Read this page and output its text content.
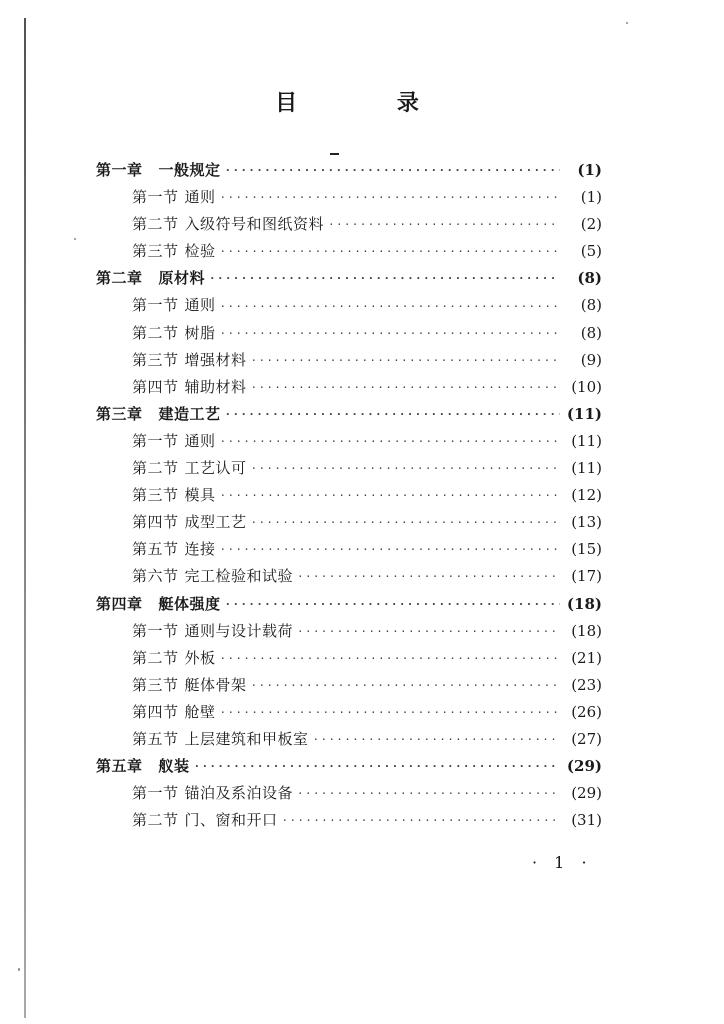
目 录
第一章 一般规定 ·····	(1)
第一节 通则 ·····	(1)
第二节 入级符号和图纸资料 ·····	(2)
第三节 检验 ·····	(5)
第二章 原材料 ·····	(8)
第一节 通则 ·····	(8)
第二节 树脂 ·····	(8)
第三节 增强材料 ·····	(9)
第四节 辅助材料 ·····	(10)
第三章 建造工艺 ·····	(11)
第一节 通则 ·····	(11)
第二节 工艺认可 ·····	(11)
第三节 模具 ·····	(12)
第四节 成型工艺 ·····	(13)
第五节 连接 ·····	(15)
第六节 完工检验和试验 ·····	(17)
第四章 艇体强度 ·····	(18)
第一节 通则与设计载荷 ·····	(18)
第二节 外板 ·····	(21)
第三节 艇体骨架 ·····	(23)
第四节 舱壁 ·····	(26)
第五节 上层建筑和甲板室 ·····	(27)
第五章 舣装 ·····	(29)
第一节 锚泊及系泊设备 ·····	(29)
第二节 门、窗和开口 ·····	(31)
· 1 ·
